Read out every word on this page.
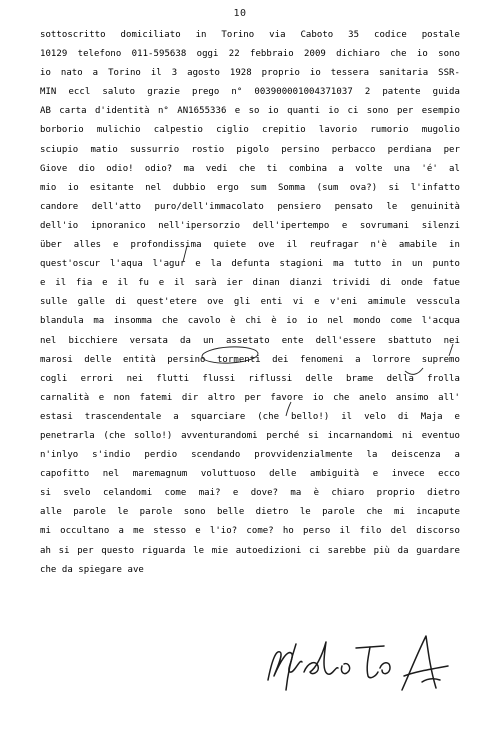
10
sottoscritto domiciliato in Torino via Caboto 35 codice postale
10129 telefono 011-595638 oggi 22 febbraio 2009 dichiaro che io sono
io nato a Torino il 3 agosto 1928 proprio io tessera sanitaria SSR-
MIN eccl saluto grazie prego n° 003900001004371037 2 patente guida
AB carta d'identità n° AN1655336 e so io quanti io ci sono per esempio
borborio mulichio calpestio ciglio crepitio lavorio rumorio mugolio
sciupio matio sussurrio rostio pigolo persino perbacco perdiana per
Giove dio odio! odio? ma vedi che ti combina a volte una 'é' al
mio io esitante nel dubbio ergo sum Somma (sum ova?) si l'infatto
candore dell'atto puro/dell'immacolato pensiero pensato le genuinità
dell'io ipnoranico nell'ipersorzio dell'ipertempo e sovrumani silenzi
über alles e profondissima quiete ove il reufragar n'è amabile in
quest'oscur l'aqua l'agur e la defunta stagioni ma tutto in un punto
e il fia e il fu e il sarà ier dinan dianzi trividi di onde fatue
sulle galle di quest'etere ove gli enti vi e v'eni amimule vesscula
blandula ma insomma che cavolo è chi è io io nel mondo come l'acqua
nel bicchiere versata da un assetato ente dell'essere sbattuto nei
marosi delle entità persino tormenti dei fenomeni a lorrore supremo
cogli errori nei flutti flussi riflussi delle brame della frolla
carnalità e non fatemi dir altro per favore io che anelo ansimo all'
estasi trascendentale a squarciare (che bello!) il velo di Maja e
penetrarla (che sollo!) avventurandomi perché si incarnandomi ni eventuo
n'inlyo s'indio perdio scendando provvidenzialmente la deiscenza a
capofitto nel maremagnum voluttuoso delle ambiguità e invece ecco
si svelo celandomi come mai? e dove? ma è chiaro proprio dietro
alle parole le parole sono belle dietro le parole che mi incapute
mi occultano a me stesso e l'io? come? ho perso il filo del discorso
ah si per questo riguarda le mie autoedizioni ci sarebbe più da guardare
che da spiegare ave
